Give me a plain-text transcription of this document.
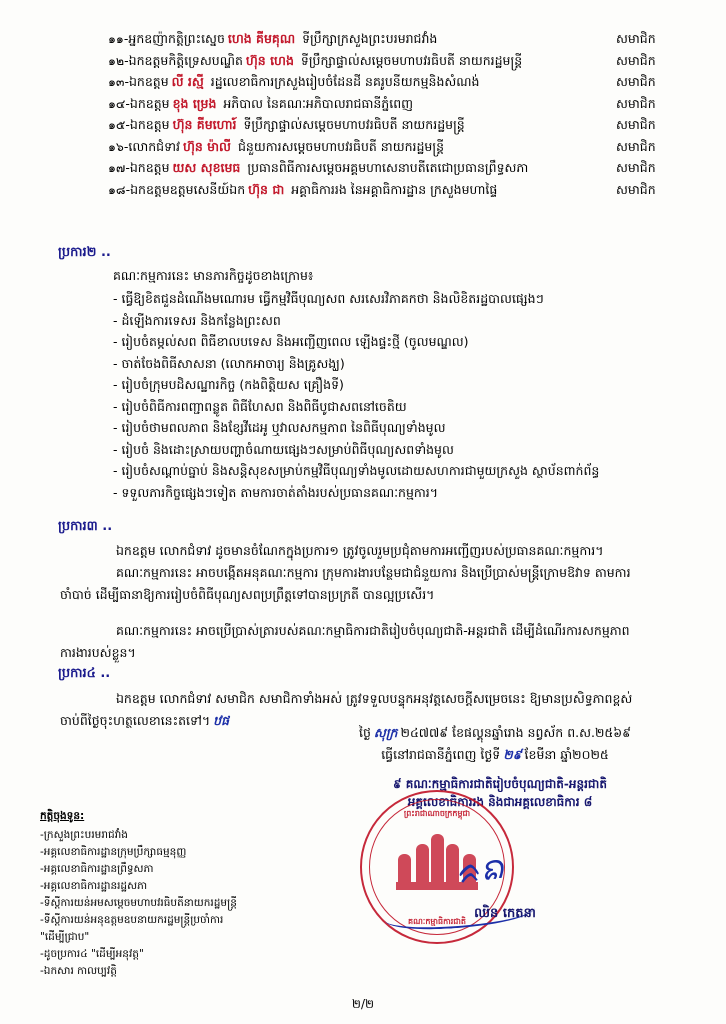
๑๑-អ្នកឧញ៉ាកត្តិព្រះស្នេច ហេង គីមគុណ ទីប្រឹក្សាក្រសួងព្រះបរមរាជវាំង	សមាជិក
๑๒-ឯកឧត្តមកិត្តិទ្រេសបណ្ឌិត ហ៊ុន ហេង ទីប្រឹក្សាផ្ទាល់សម្តេចមហាបវរធិបតី នាយករដ្ឋមន្ត្រី	សមាជិក
๑๓-ឯកឧត្តម លី រស្មី រដ្ឋលេខាធិការក្រសួងរៀបចំដែនដី នគរូបនីយកម្មនិងសំណង់	សមាជិក
๑๔-ឯកឧត្តម ខុង ម្រេង អភិបាល នៃគណៈអភិបាលរាជធានីភ្នំពេញ	សមាជិក
๑๕-ឯកឧត្តម ហ៊ុន គីមហោរ៍ ទីប្រឹក្សាផ្ទាល់សម្តេចមហាបវរធិបតី នាយករដ្ឋមន្ត្រី	សមាជិក
๑๖-លោកជំទាវ ហ៊ុន ម៉ាលី ជំនួយការសម្តេចមហាបវរធិបតី នាយករដ្ឋមន្ត្រី	សមាជិក
๑๗-ឯកឧត្តម យស សុខមេធ ប្រធានពិធីការសម្តេចអគ្គមហាសេនាបតីតេជោប្រធានព្រឹទ្ធសភា	សមាជិក
๑๘-ឯកឧត្តមឧត្តមសេនីយ៍ឯក ហ៊ុន ជា អគ្គាធិការរង នៃអគ្គាធិការដ្ឋាន ក្រសួងមហាផ្ទៃ	សមាជិក
ប្រការ២ ..
គណៈកម្មការនេះ មានភារកិច្ចដូចខាងក្រោម៖
- ធ្វើឱ្យខិតជួនដំណើងមណោរម ធ្វើកម្មវិធីបុណ្យសព សរសេរវិភាគកថា និងលិខិតរដ្ឋបាលផ្សេងៗ
- ដំឡើងការទេសរ និងកន្លែងព្រះសព
- រៀបចំតម្កល់សព ពិធីខាលបទេស និងអញ្ជើញពេល ឡើងផ្ទះថ្មី (ចូលមណ្ឌល)
- ចាត់ចែងពិធីសាសនា (លោកអាចារ្យ និងគ្រូសង្ឃ)
- រៀបចំក្រុមបដិសណ្ឋារកិច្ច (កងពិត្តិយស គ្រឿងទី)
- រៀបចំពិធីការពញ្ជាពន្លូត ពិធីហែសព និងពិធីបូជាសពនៅចេតិយ
- រៀបចំថាមពលភាព និងខ្សែវីដេអូ ឬវាលសកម្មភាព នៃពិធីបុណ្យទាំងមូល
- រៀបចំ និងដោះស្រាយបញ្ហាចំណាយផ្សេងៗសម្រាប់ពិធីបុណ្យសពទាំងមូល
- រៀបចំសណ្តាប់ធ្នាប់ និងសន្តិសុខសម្រាប់កម្មវិធីបុណ្យទាំងមូលដោយសហការជាមួយក្រសួង ស្ថាប័នពាក់ព័ន្ធ
- ទទួលភារកិច្ចផ្សេងៗទៀត តាមការចាត់តាំងរបស់ប្រធានគណៈកម្មការ។
ប្រការ៣ ..
ឯកឧត្តម លោកជំទាវ ដូចមានចំណែកក្នុងប្រការ១ ត្រូវចូលរួមប្រជុំតាមការអញ្ជើញរបស់ប្រធានគណៈកម្មការ។
គណៈកម្មការនេះ អាចបង្កើតអនុគណៈកម្មការ ក្រុមការងារបន្ថែមជាជំនួយការ និងប្រើប្រាស់មន្ត្រីក្រោមឱវាទ តាមការចាំបាច់ ដើម្បីធានាឱ្យការរៀបចំពិធីបុណ្យសពប្រព្រឹត្តទៅបានប្រក្រតី បានល្អប្រសើរ។
គណៈកម្មការនេះ អាចប្រើប្រាស់ត្រារបស់គណៈកម្មាធិការជាតិរៀបចំបុណ្យជាតិ-អន្តរជាតិ ដើម្បីដំណើរការសកម្មភាពការងារបស់ខ្លួន។
ប្រការ៤ ..
ឯកឧត្តម លោកជំទាវ សមាជិក សមាជិកាទាំងអស់ ត្រូវទទួលបន្ទុកអនុវត្តសេចក្តីសម្រេចនេះ ឱ្យមានប្រសិទ្ធភាពខ្ពស់ចាប់ពីថ្ងៃចុះហត្ថលេខានេះតទៅ។ ឋផ
ថ្ងៃ សុក្រ ២៤៧៧៩ ខែផល្គុនឆ្នាំរោង នព្វស័ក ព.ស.២៥៦៩
ធ្វើនៅរាជធានីភ្នំពេញ ថ្ងៃទី ២៩ ខែមីនា ឆ្នាំ២០២៥
៩ គណៈកម្មាធិការជាតិរៀបចំបុណ្យជាតិ-អន្តរជាតិ
អគ្គលេខាធិការរង និងជាអគ្គលេខាធិការ ៨
ព្រះរាជាណាចក្រកម្ពុជា
គណៈកម្មាធិការជាតិ
ᨑᨦ
ឈិន កេតនា
កត្តិចុងទូន:
-ក្រសួងព្រះបរមរាជវាំង
-អគ្គលេខាធិការដ្ឋានក្រុមប្រឹក្សាធម្មនុញ្ញ
-អគ្គលេខាធិការដ្ឋានព្រឹទ្ធសភា
-អគ្គលេខាធិការដ្ឋានរដ្ឋសភា
-ទីស្តីការយន់អមសម្តេចមហាបវរធិបតីនាយករដ្ឋមន្ត្រី
-ទីស្តីការយន់អនុឧត្តមឧបនាយករដ្ឋមន្ត្រីប្រចាំការ
"ដើម្បីជ្រាប"
-ដូចប្រការ៤ "ដើម្បីអនុវត្ត"
-ឯកសារ កាលប្បវត្តិ
២/២
